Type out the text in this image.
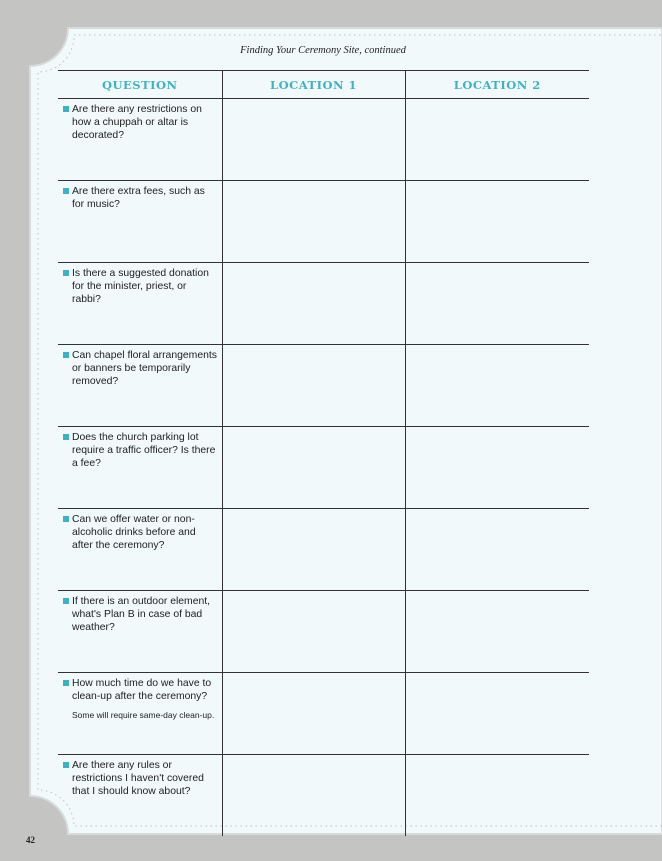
Finding Your Ceremony Site, continued
QUESTION	LOCATION 1	LOCATION 2

Are there any restrictions on how a chuppah or altar is decorated?		

Are there extra fees, such as for music?		

Is there a suggested donation for the minister, priest, or rabbi?		

Can chapel floral arrangements or banners be temporarily removed?		

Does the church parking lot require a traffic officer? Is there a fee?		

Can we offer water or non-alcoholic drinks before and after the ceremony?		

If there is an outdoor element, what's Plan B in case of bad weather?		

How much time do we have to clean-up after the ceremony?
Some will require same-day clean-up.		

Are there any rules or restrictions I haven't covered that I should know about?		

42
